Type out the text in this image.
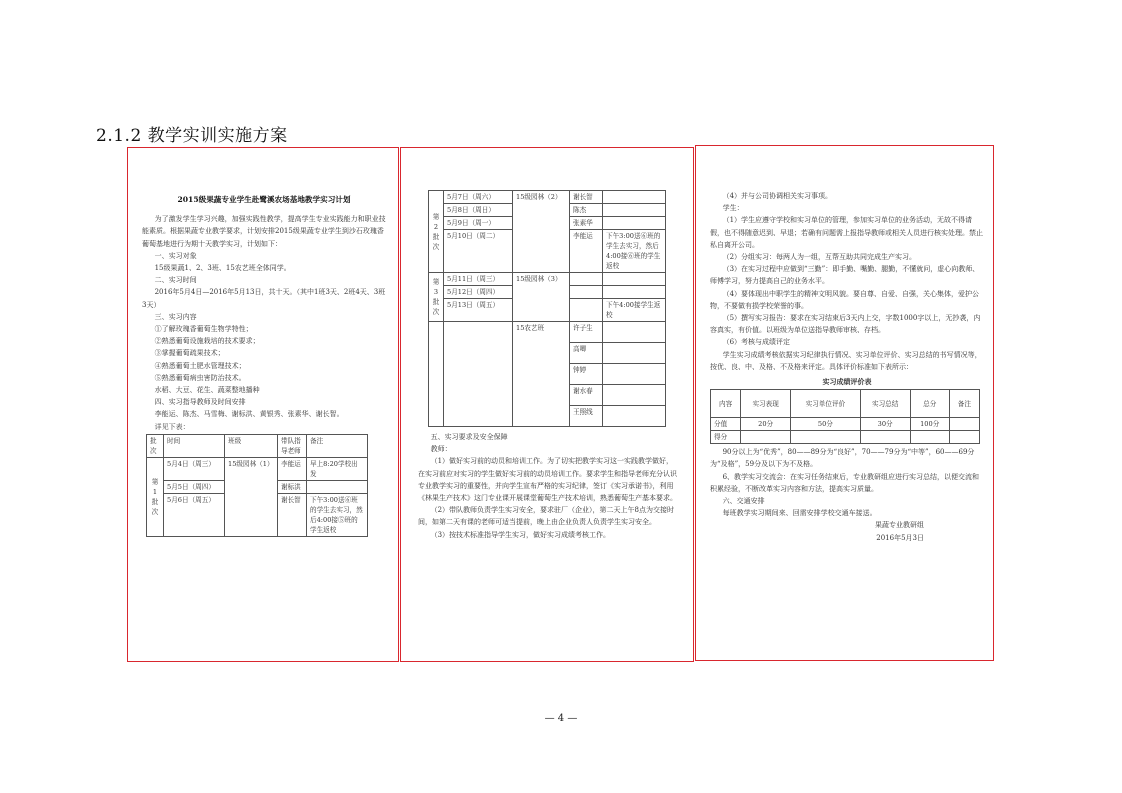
2.1.2 教学实训实施方案

2015级果蔬专业学生赴鹭溪农场基地教学实习计划

为了激发学生学习兴趣，加强实践性教学，提高学生专业实践能力和职业技能素质。根据果蔬专业教学要求，计划安排2015级果蔬专业学生到沙石玫瑰香葡萄基地进行为期十天教学实习，计划如下：

一、实习对象

15级果蔬1、2、3班、15农艺班全体同学。

二、实习时间

2016年5月4日—2016年5月13日，共十天。（其中1班3天、2班4天、3班3天）

三、实习内容

①了解玫瑰香葡萄生物学特性；

②熟悉葡萄设施栽培的技术要求；

③掌握葡萄疏果技术；

④熟悉葡萄土肥水管理技术；

⑤熟悉葡萄病虫害防治技术。

水稻、大豆、花生、蔬菜整地播种

四、实习指导教师及时间安排

李能运、陈杰、马雪梅、谢标洪、黄银秀、张素华、谢长智。

详见下表：

批次	时间	班级	带队指导老师	备注
第1批次	5月4日（周三）	15级园林（1）	李能运	早上8:20学校出发
	5月5日（周四）		谢标洪	
	5月6日（周五）		谢长智	下午3:00送⑥班的学生去实习，然后4:00接⑤班的学生返校
第2批次	5月7日（周六）	15级园林（2）	谢长智	
	5月8日（周日）		陈杰	
	5月9日（周一）		张素华	
	5月10日（周二）		李能运	下午3:00送⑥班的学生去实习，然后4:00接⑥班的学生返校
第3批次	5月11日（周三）	15级园林（3）		
	5月12日（周四）			
	5月13日（周五）			下午4:00接学生返校
		15农艺班	许子生	
			高唧	
			钟婷	
			谢水春	
			王照线	

五、实习要求及安全保障

教师：

（1）做好实习前的动员和培训工作。为了切实把教学实习这一实践教学做好，在实习前应对实习的学生做好实习前的动员培训工作。要求学生和指导老师充分认识专业教学实习的重要性，并向学生宣布严格的实习纪律，签订《实习承诺书》，利用《林果生产技术》这门专业课开展课堂葡萄生产技术培训，熟悉葡萄生产基本要求。

（2）带队教师负责学生实习安全，要求驻厂（企业），第二天上午8点为交接时间，如第二天有课的老师可适当提前，晚上由企业负责人负责学生实习安全。

（3）按技术标准指导学生实习，做好实习成绩考核工作。

（4）并与公司协调相关实习事项。

学生：

（1）学生应遵守学校和实习单位的管理，参加实习单位的业务活动，无故不得请假，也不得随意迟到、早退；若确有问题需上报指导教师或相关人员进行核实处理。禁止私自离开公司。

（2）分组实习：每两人为一组，互帮互助共同完成生产实习。

（3）在实习过程中应做到“三勤”：即手勤、嘴勤、腿勤，不懂就问，虚心向教师、师傅学习，努力提高自己的业务水平。

（4）要体现出中职学生的精神文明风貌。要自尊、自爱、自强，关心集体，爱护公物，不要做有损学校荣誉的事。

（5）撰写实习报告：要求在实习结束后3天内上交，字数1000字以上，无抄袭，内容真实，有价值。以班级为单位送指导教师审核、存档。

（6）考核与成绩评定

学生实习成绩考核依据实习纪律执行情况、实习单位评价、实习总结的书写情况等，按优、良、中、及格、不及格来评定。具体评价标准如下表所示：

实习成绩评价表

内容	实习表现	实习单位评价	实习总结	总分	备注
分值	20分	50分	30分	100分	
得分					

90分以上为“优秀”，80——89分为“良好”，70——79分为“中等”，60——69分为“及格”，59分及以下为不及格。

6、教学实习交流会：在实习任务结束后，专业教研组应进行实习总结，以便交流和积累经验，不断改革实习内容和方法，提高实习质量。

六、交通安排

每班教学实习期间来、回需安排学校交通车接送。

果蔬专业教研组

2016年5月3日

— 4 —
